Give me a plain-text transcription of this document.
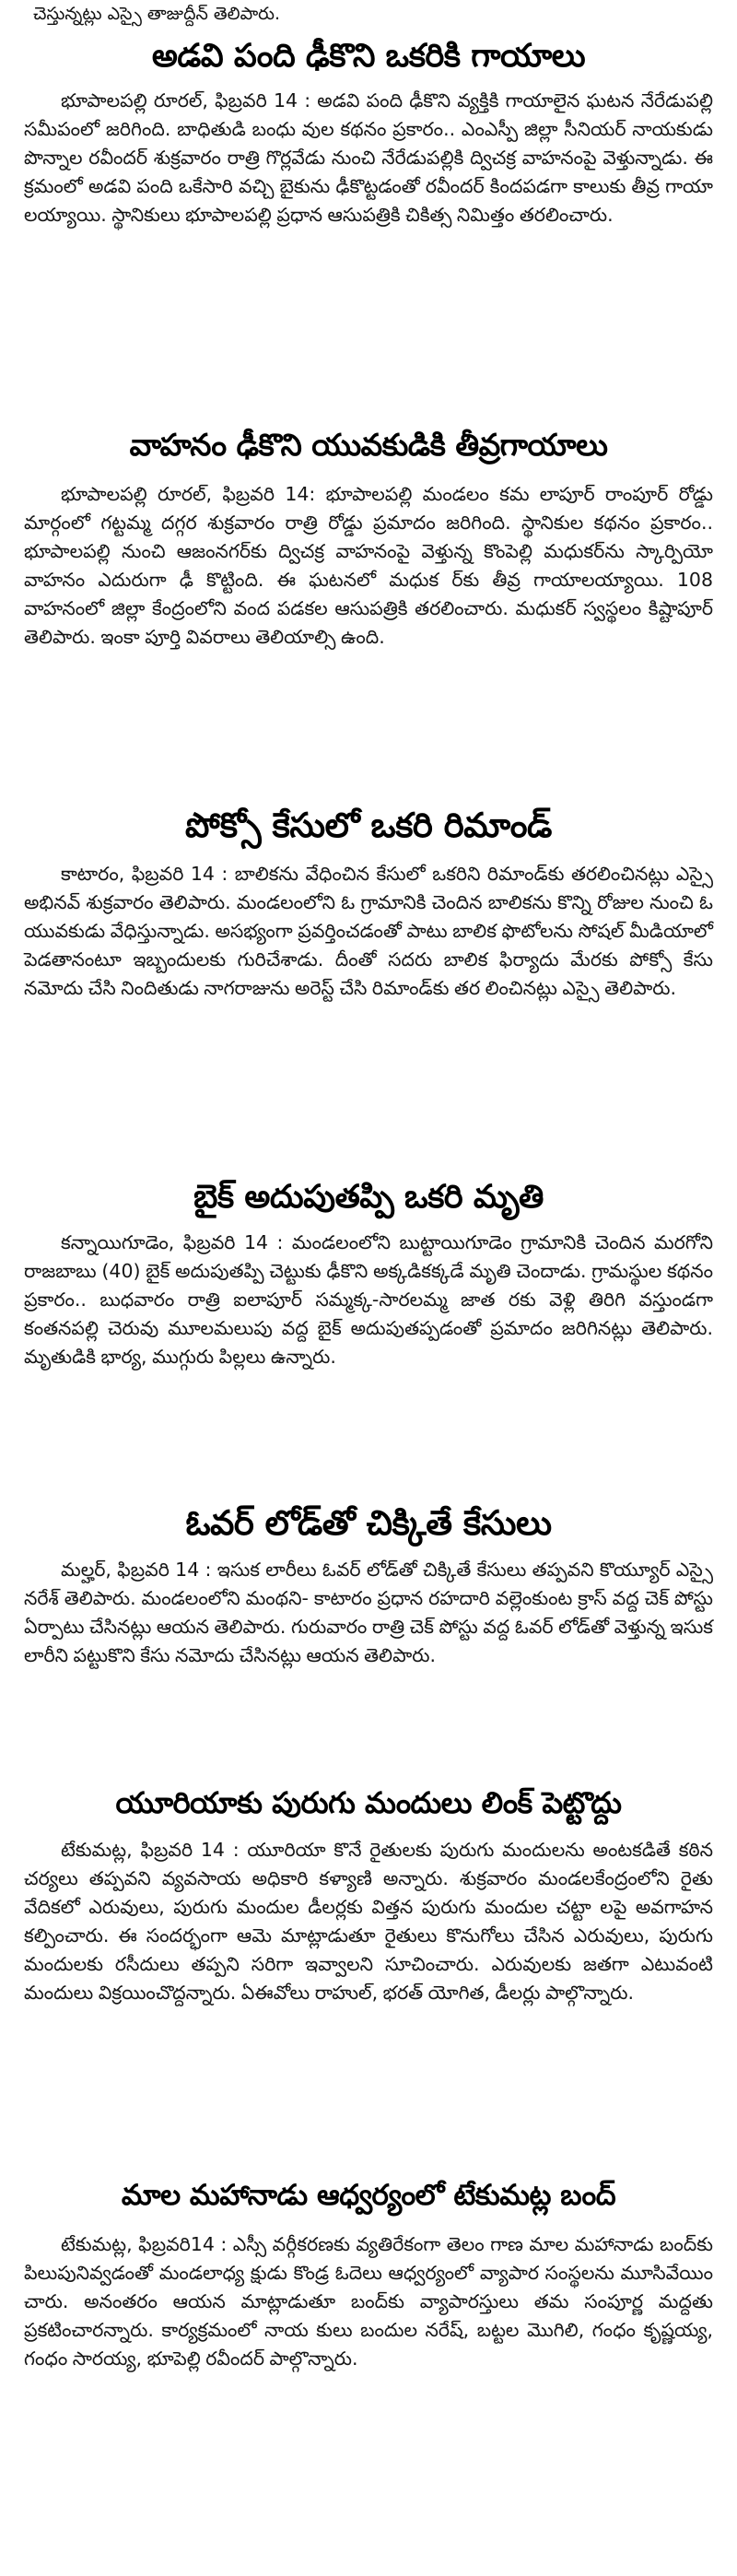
చెస్తున్నట్లు ఎస్సై తాజుద్దీన్ తెలిపారు.
అడవి పంది ఢీకొని ఒకరికి గాయాలు

భూపాలపల్లి రూరల్, ఫిబ్రవరి 14 : అడవి పంది ఢీకొని వ్యక్తికి గాయాలైన ఘటన నేరేడుపల్లి సమీపంలో జరిగింది. బాధితుడి బంధు వుల కథనం ప్రకారం.. ఎంఎస్పీ జిల్లా సీనియర్ నాయకుడు పొన్నాల రవీందర్ శుక్రవారం రాత్రి గొర్లవేడు నుంచి నేరేడుపల్లికి ద్విచక్ర వాహనంపై వెళ్తున్నాడు. ఈ క్రమంలో అడవి పంది ఒకేసారి వచ్చి బైకును ఢీకొట్టడంతో రవీందర్ కిందపడగా కాలుకు తీవ్ర గాయా లయ్యాయి. స్థానికులు భూపాలపల్లి ప్రధాన ఆసుపత్రికి చికిత్స నిమిత్తం తరలించారు.

వాహనం ఢీకొని యువకుడికి తీవ్రగాయాలు

భూపాలపల్లి రూరల్, ఫిబ్రవరి 14: భూపాలపల్లి మండలం కమ లాపూర్ రాంపూర్ రోడ్డు మార్గంలో గట్టమ్మ దగ్గర శుక్రవారం రాత్రి రోడ్డు ప్రమాదం జరిగింది. స్థానికుల కథనం ప్రకారం.. భూపాలపల్లి నుంచి ఆజంనగర్‌కు ద్విచక్ర వాహనంపై వెళ్తున్న కొంపెల్లి మధుకర్‌ను స్కార్పియో వాహనం ఎదురుగా ఢీ కొట్టింది. ఈ ఘటనలో మధుక ర్‌కు తీవ్ర గాయాలయ్యాయి. 108 వాహనంలో జిల్లా కేంద్రంలోని వంద పడకల ఆసుపత్రికి తరలించారు. మధుకర్ స్వస్థలం కిష్టాపూర్ తెలిపారు. ఇంకా పూర్తి వివరాలు తెలియాల్సి ఉంది.

పోక్సో కేసులో ఒకరి రిమాండ్

కాటారం, ఫిబ్రవరి 14 : బాలికను వేధించిన కేసులో ఒకరిని రిమాండ్‌కు తరలించినట్లు ఎస్సై అభినవ్ శుక్రవారం తెలిపారు. మండలంలోని ఓ గ్రామానికి చెందిన బాలికను కొన్ని రోజుల నుంచి ఓ యువకుడు వేధిస్తున్నాడు. అసభ్యంగా ప్రవర్తించడంతో పాటు బాలిక ఫొటోలను సోషల్ మీడియాలో పెడతానంటూ ఇబ్బందులకు గురిచేశాడు. దీంతో సదరు బాలిక ఫిర్యాదు మేరకు పోక్సో కేసు నమోదు చేసి నిందితుడు నాగరాజును అరెస్ట్ చేసి రిమాండ్‌కు తర లించినట్లు ఎస్సై తెలిపారు.

బైక్ అదుపుతప్పి ఒకరి మృతి

కన్నాయిగూడెం, ఫిబ్రవరి 14 : మండలంలోని బుట్టాయిగూడెం గ్రామానికి చెందిన మరగోని రాజబాబు (40) బైక్ అదుపుతప్పి చెట్టుకు ఢీకొని అక్కడికక్కడే మృతి చెందాడు. గ్రామస్థుల కథనం ప్రకారం.. బుధవారం రాత్రి ఐలాపూర్ సమ్మక్క-సారలమ్మ జాత రకు వెళ్లి తిరిగి వస్తుండగా కంతనపల్లి చెరువు మూలమలుపు వద్ద బైక్ అదుపుతప్పడంతో ప్రమాదం జరిగినట్లు తెలిపారు. మృతుడికి భార్య, ముగ్గురు పిల్లలు ఉన్నారు.

ఓవర్ లోడ్‌తో చిక్కితే కేసులు

మల్హర్, ఫిబ్రవరి 14 : ఇసుక లారీలు ఓవర్ లోడ్‌తో చిక్కితే కేసులు తప్పవని కొయ్యూర్ ఎస్సై నరేశ్ తెలిపారు. మండలంలోని మంథని- కాటారం ప్రధాన రహదారి వల్లెంకుంట క్రాస్ వద్ద చెక్ పోస్టు ఏర్పాటు చేసినట్లు ఆయన తెలిపారు. గురువారం రాత్రి చెక్ పోస్టు వద్ద ఓవర్ లోడ్‌తో వెళ్తున్న ఇసుక లారీని పట్టుకొని కేసు నమోదు చేసినట్లు ఆయన తెలిపారు.

యూరియాకు పురుగు మందులు లింక్ పెట్టొద్దు

టేకుమట్ల, ఫిబ్రవరి 14 : యూరియా కొనే రైతులకు పురుగు మందులను అంటకడితే కఠిన చర్యలు తప్పవని వ్యవసాయ అధికారి కళ్యాణి అన్నారు. శుక్రవారం మండలకేంద్రంలోని రైతు వేదికలో ఎరువులు, పురుగు మందుల డీలర్లకు విత్తన పురుగు మందుల చట్టా లపై అవగాహన కల్పించారు. ఈ సందర్భంగా ఆమె మాట్లాడుతూ రైతులు కొనుగోలు చేసిన ఎరువులు, పురుగు మందులకు రసీదులు తప్పని సరిగా ఇవ్వాలని సూచించారు. ఎరువులకు జతగా ఎటువంటి మందులు విక్రయించొద్దన్నారు. ఏఈవోలు రాహుల్, భరత్ యోగిత, డీలర్లు పాల్గొన్నారు.

మాల మహానాడు ఆధ్వర్యంలో టేకుమట్ల బంద్

టేకుమట్ల, ఫిబ్రవరి14 : ఎస్సీ వర్గీకరణకు వ్యతిరేకంగా తెలం గాణ మాల మహానాడు బంద్‌కు పిలుపునివ్వడంతో మండలాధ్య క్షుడు కొండ్ర ఓదెలు ఆధ్వర్యంలో వ్యాపార సంస్థలను మూసివేయిం చారు. అనంతరం ఆయన మాట్లాడుతూ బంద్‌కు వ్యాపారస్తులు తమ సంపూర్ణ మద్దతు ప్రకటించారన్నారు. కార్యక్రమంలో నాయ కులు బందుల నరేష్, బట్టల మొగిలి, గంధం కృష్ణయ్య, గంధం సారయ్య, భూపెల్లి రవీందర్ పాల్గొన్నారు.
